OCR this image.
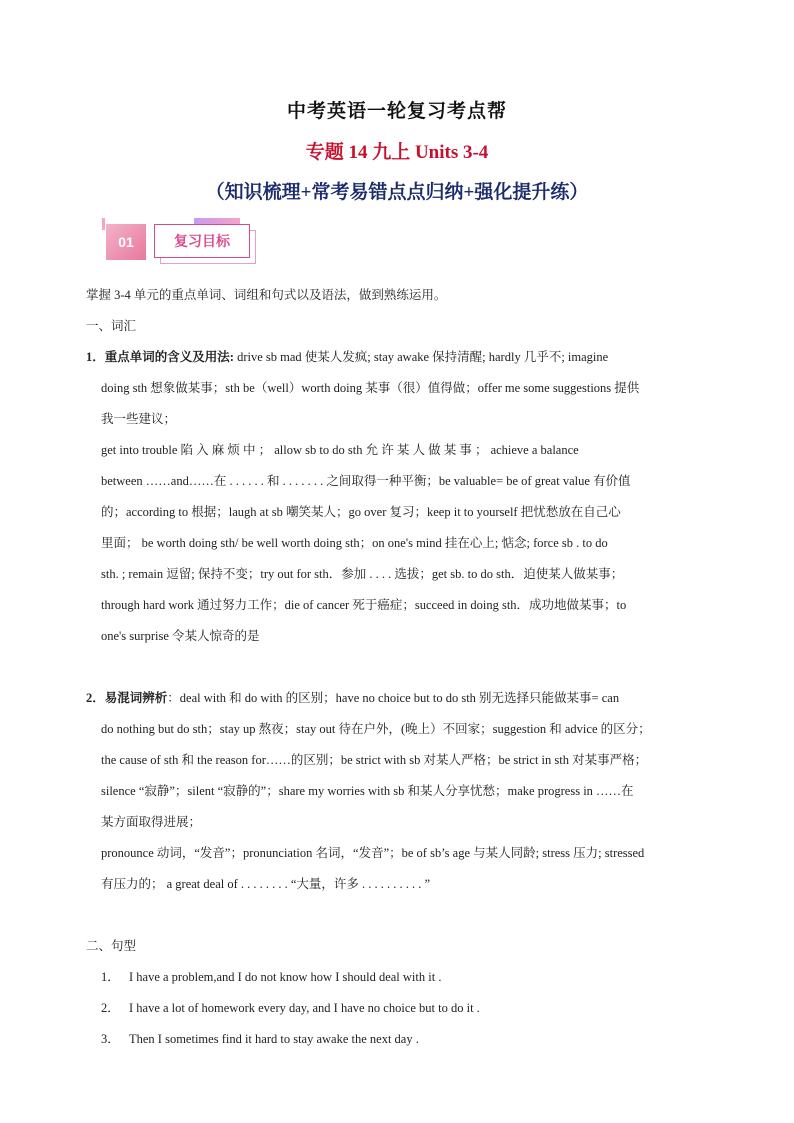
中考英语一轮复习考点帮
专题 14 九上 Units 3-4
（知识梳理+常考易错点点归纳+强化提升练）
01	复习目标

掌握 3-4 单元的重点单词、词组和句式以及语法，做到熟练运用。

一、词汇

1．重点单词的含义及用法: drive sb mad 使某人发疯; stay awake 保持清醒; hardly 几乎不; imagine

doing sth 想象做某事；sth be（well）worth doing 某事（很）值得做；offer me some suggestions 提供

我一些建议；

get into trouble 陷 入 麻 烦 中 ； allow sb to do sth 允 许 某 人 做 某 事 ； achieve a balance

between ……and……在 . . . . . . 和 . . . . . . . 之间取得一种平衡；be valuable= be of great value 有价值

的；according to 根据；laugh at sb 嘲笑某人；go over 复习；keep it to yourself 把忧愁放在自己心

里面； be worth doing sth/ be well worth doing sth；on one's mind 挂在心上; 惦念; force sb . to do

sth. ; remain 逗留; 保持不变；try out for sth．参加 . . . . 选拔；get sb. to do sth．迫使某人做某事；

through hard work 通过努力工作；die of cancer 死于癌症；succeed in doing sth．成功地做某事；to

one's surprise 令某人惊奇的是

2．易混词辨析：deal with 和 do with 的区别；have no choice but to do sth 别无选择只能做某事= can

do nothing but do sth；stay up 熬夜；stay out 待在户外，(晚上）不回家；suggestion 和 advice 的区分；

the cause of sth 和 the reason for……的区别；be strict with sb 对某人严格；be strict in sth 对某事严格；

silence “寂静”；silent “寂静的”；share my worries with sb 和某人分享忧愁；make progress in ……在

某方面取得进展；

pronounce 动词，“发音”；pronunciation 名词，“发音”；be of sb’s age 与某人同龄; stress 压力; stressed

有压力的； a great deal of . . . . . . . . “大量，许多 . . . . . . . . . . ”

二、句型

1． I have a problem,and I do not know how I should deal with it .

2． I have a lot of homework every day, and I have no choice but to do it .

3． Then I sometimes find it hard to stay awake the next day .
